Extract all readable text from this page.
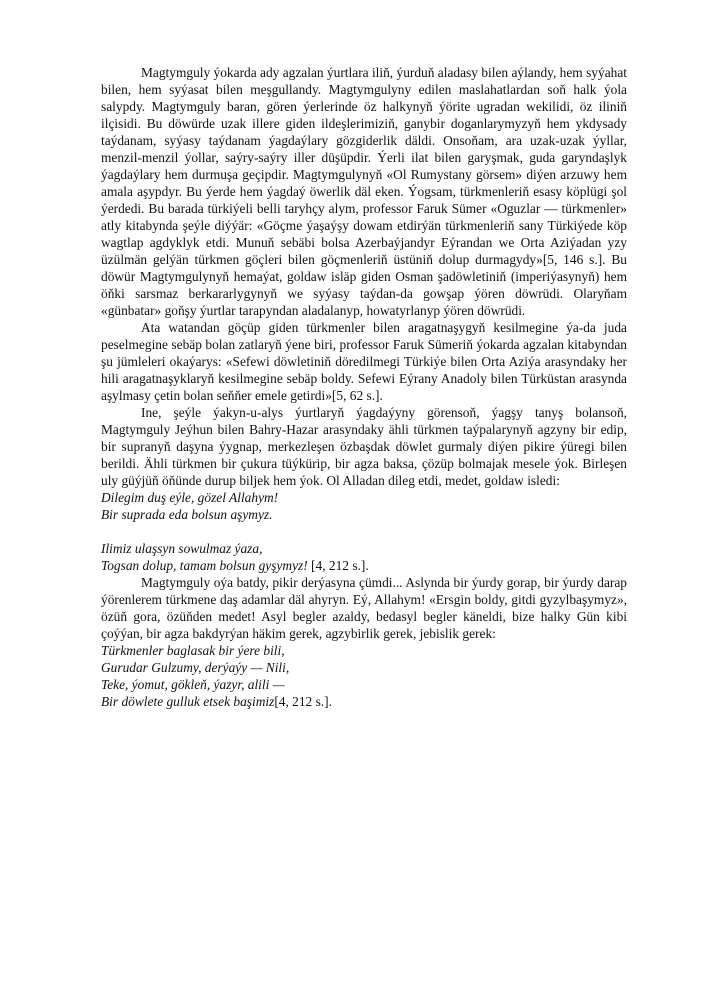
Magtymguly ýokarda ady agzalan ýurtlara iliň, ýurduň aladasy bilen aýlandy, hem syýahat bilen, hem syýasat bilen meşgullandy. Magtymgulyny edilen maslahatlardan soň halk ýola salypdy. Magtymguly baran, gören ýerlerinde öz halkynyň ýörite ugradan wekilidi, öz iliniň ilçisidi. Bu döwürde uzak illere giden ildeşlerimiziň, ganybir doganlarymyzyň hem ykdysady taýdanam, syýasy taýdanam ýagdaýlary gözgiderlik däldi. Onsoňam, ara uzak-uzak ýyllar, menzil-menzil ýollar, saýry-saýry iller düşüpdir. Ýerli ilat bilen garyşmak, guda garyndaşlyk ýagdaýlary hem durmuşa geçipdir. Magtymgulynyň «Ol Rumystany görsem» diýen arzuwy hem amala aşypdyr. Bu ýerde hem ýagdaý öwerlik däl eken. Ýogsam, türkmenleriň esasy köplügi şol ýerdedi. Bu barada türkiýeli belli taryhçy alym, professor Faruk Sümer «Oguzlar — türkmenler» atly kitabynda şeýle diýýär: «Göçme ýaşaýşy dowam etdirýän türkmenleriň sany Türkiýede köp wagtlap agdyklyk etdi. Munuň sebäbi bolsa Azerbaýjandyr Eýrandan we Orta Aziýadan yzy üzülmän gelýän türkmen göçleri bilen göçmenleriň üstüniň dolup durmagydy»[5, 146 s.]. Bu döwür Magtymgulynyň hemaýat, goldaw isläp giden Osman şadöwletiniň (imperiýasynyň) hem öňki sarsmaz berkararlygynyň we syýasy taýdan-da gowşap ýören döwrüdi. Olaryňam «günbatar» goňşy ýurtlar tarapyndan aladalanyp, howatyrlanyp ýören döwrüdi.

Ata watandan göçüp giden türkmenler bilen aragatnaşygyň kesilmegine ýa-da juda peselmegine sebäp bolan zatlaryň ýene biri, professor Faruk Sümeriň ýokarda agzalan kitabyndan şu jümleleri okaýarys: «Sefewi döwletiniň döredilmegi Türkiýe bilen Orta Aziýa arasyndaky her hili aragatnaşyklaryň kesilmegine sebäp boldy. Sefewi Eýrany Anadoly bilen Türküstan arasynda aşylmasy çetin bolan seňňer emele getirdi»[5, 62 s.].

Ine, şeýle ýakyn-u-alys ýurtlaryň ýagdaýyny görensoň, ýagşy tanyş bolansoň, Magtymguly Jeýhun bilen Bahry-Hazar arasyndaky ähli türkmen taýpalarynyň agzyny bir edip, bir supranyň daşyna ýygnap, merkezleşen özbaşdak döwlet gurmaly diýen pikire ýüregi bilen berildi. Ähli türkmen bir çukura tüýkürip, bir agza baksa, çözüp bolmajak mesele ýok. Birleşen uly güýjüň öňünde durup biljek hem ýok. Ol Alladan dileg etdi, medet, goldaw isledi:

Dilegim duş eýle, gözel Allahym!

Bir suprada eda bolsun aşymyz.

Ilimiz ulaşsyn sowulmaz ýaza,

Togsan dolup, tamam bolsun gyşymyz! [4, 212 s.].

Magtymguly oýa batdy, pikir derýasyna çümdi... Aslynda bir ýurdy gorap, bir ýurdy darap ýörenlerem türkmene daş adamlar däl ahyryn. Eý, Allahym! «Ersgin boldy, gitdi gyzylbaşymyz», özüň gora, özüňden medet! Asyl begler azaldy, bedasyl begler käneldi, bize halky Gün kibi çoýýan, bir agza bakdyrýan häkim gerek, agzybirlik gerek, jebislik gerek:

Türkmenler baglasak bir ýere bili,

Gurudar Gulzumy, derýaýy — Nili,

Teke, ýomut, gökleň, ýazyr, alili —

Bir döwlete gulluk etsek başimiz[4, 212 s.].
